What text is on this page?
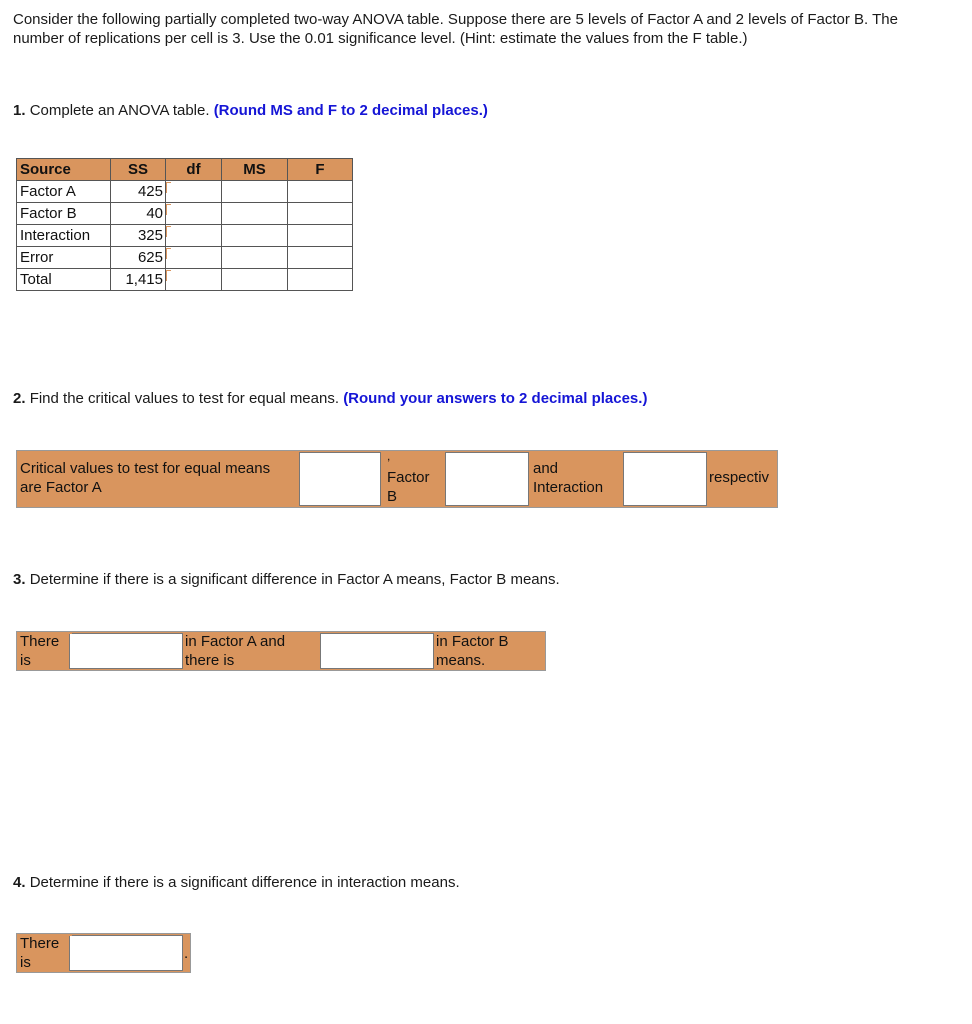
Consider the following partially completed two-way ANOVA table. Suppose there are 5 levels of Factor A and 2 levels of Factor B. The number of replications per cell is 3. Use the 0.01 significance level. (Hint: estimate the values from the F table.)
1. Complete an ANOVA table. (Round MS and F to 2 decimal places.)
Source	SS	df	MS	F
Factor A	425

Factor B	40

Interaction	325

Error	625

Total	1,415

2. Find the critical values to test for equal means. (Round your answers to 2 decimal places.)
Critical values to test for equal means are Factor A
,
Factor B
and Interaction
respectiv
3. Determine if there is a significant difference in Factor A means, Factor B means.
There is
in Factor A and there is
in Factor B means.
4. Determine if there is a significant difference in interaction means.
There is
.
